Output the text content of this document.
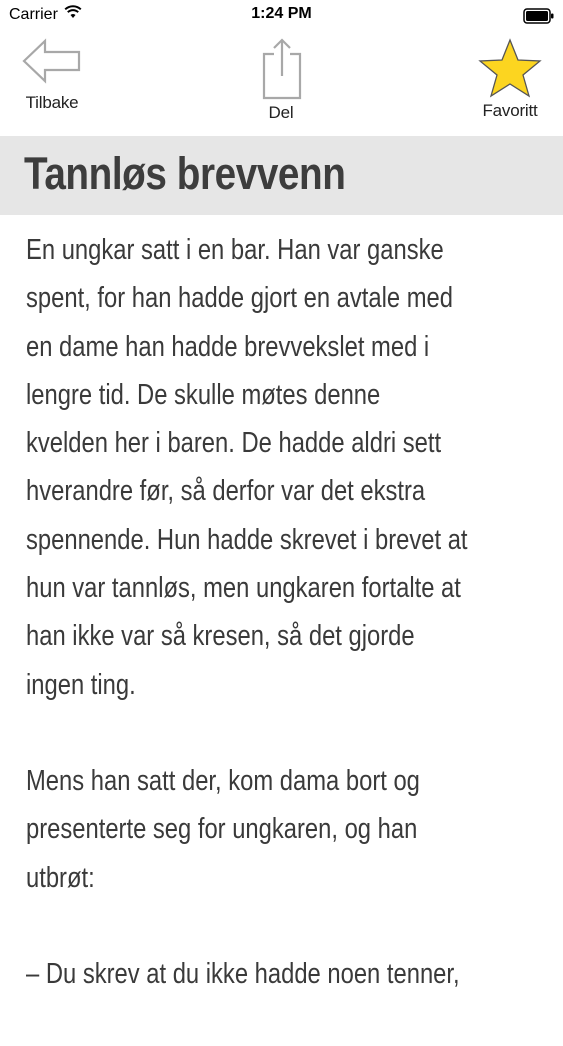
Carrier	1:24 PM
Tilbake
Del	Favoritt
Tannløs brevvenn

En ungkar satt i en bar. Han var ganske
spent, for han hadde gjort en avtale med
en dame han hadde brevvekslet med i
lengre tid. De skulle møtes denne
kvelden her i baren. De hadde aldri sett
hverandre før, så derfor var det ekstra
spennende. Hun hadde skrevet i brevet at
hun var tannløs, men ungkaren fortalte at
han ikke var så kresen, så det gjorde
ingen ting.

Mens han satt der, kom dama bort og
presenterte seg for ungkaren, og han
utbrøt:

– Du skrev at du ikke hadde noen tenner,
